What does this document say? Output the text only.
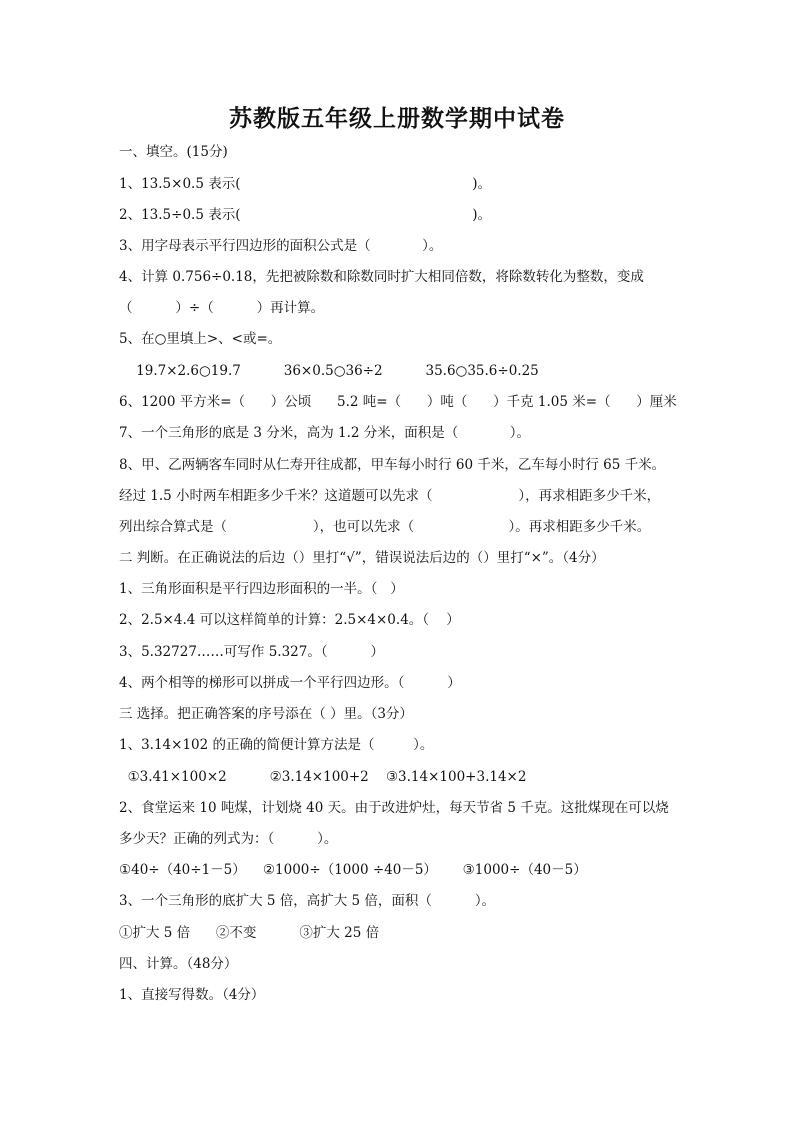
苏教版五年级上册数学期中试卷
一、填空。(15分)
1、13.5×0.5 表示(                                                      )。
2、13.5÷0.5 表示(                                                      )。
3、用字母表示平行四边形的面积公式是（            ）。
4、计算 0.756÷0.18，先把被除数和除数同时扩大相同倍数，将除数转化为整数，变成
（          ）÷（          ）再计算。
5、在○里填上>、<或=。
19.7×2.6○19.7          36×0.5○36÷2          35.6○35.6÷0.25
6、1200 平方米=（      ）公顷      5.2 吨=（      ）吨（      ）千克 1.05 米=（      ）厘米
7、一个三角形的底是 3 分米，高为 1.2 分米，面积是（            ）。
8、甲、乙两辆客车同时从仁寿开往成都，甲车每小时行 60 千米，乙车每小时行 65 千米。
经过 1.5 小时两车相距多少千米？这道题可以先求（                    ），再求相距多少千米，
列出综合算式是（                    ），也可以先求（                      ）。再求相距多少千米。
二 判断。在正确说法的后边（）里打“√”，错误说法后边的（）里打“×”。（4分）
1、三角形面积是平行四边形面积的一半。（   ）
2、2.5×4.4 可以这样简单的计算：2.5×4×0.4。（    ）
3、5.32727……可写作 5.327。（          ）
4、两个相等的梯形可以拼成一个平行四边形。（          ）
三 选择。把正确答案的序号添在（ ）里。（3分）
1、3.14×102 的正确的简便计算方法是（         ）。
①3.41×100×2          ②3.14×100+2    ③3.14×100+3.14×2
2、食堂运来 10 吨煤，计划烧 40 天。由于改进炉灶，每天节省 5 千克。这批煤现在可以烧
多少天？正确的列式为：（          ）。
①40÷（40÷1－5）    ②1000÷（1000 ÷40－5）      ③1000÷（40－5）
3、一个三角形的底扩大 5 倍，高扩大 5 倍，面积（          ）。
①扩大 5 倍      ②不变          ③扩大 25 倍
四、计算。（48分）
1、直接写得数。（4分）
